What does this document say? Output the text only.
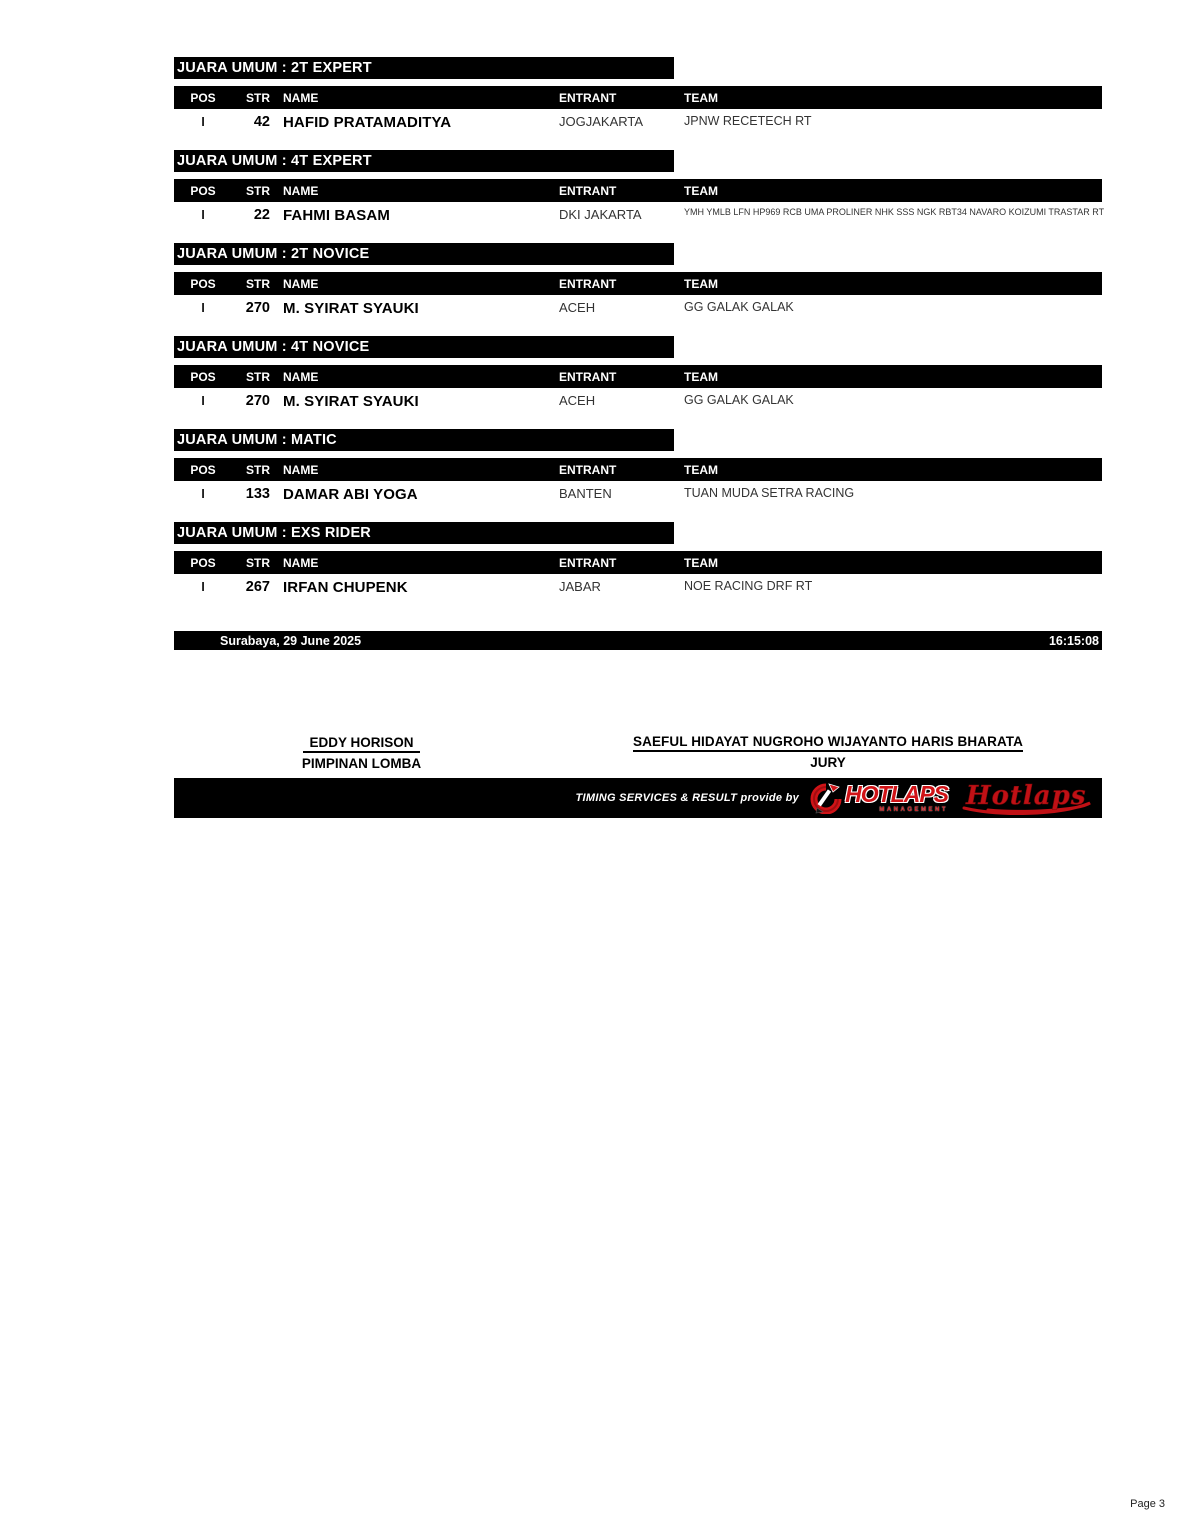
JUARA UMUM : 2T EXPERT
POS	STR	NAME	ENTRANT	TEAM
I	42 HAFID PRATAMADITYA	JOGJAKARTA	JPNW RECETECH RT
JUARA UMUM : 4T EXPERT
POS	STR	NAME	ENTRANT	TEAM
I	22 FAHMI BASAM	DKI JAKARTA	YMH YMLB LFN HP969 RCB UMA PROLINER NHK SSS NGK RBT34 NAVARO KOIZUMI TRASTAR RT
JUARA UMUM : 2T NOVICE
POS	STR	NAME	ENTRANT	TEAM
I	270 M. SYIRAT SYAUKI	ACEH	GG GALAK GALAK
JUARA UMUM : 4T NOVICE
POS	STR	NAME	ENTRANT	TEAM
I	270 M. SYIRAT SYAUKI	ACEH	GG GALAK GALAK
JUARA UMUM : MATIC
POS	STR	NAME	ENTRANT	TEAM
I	133 DAMAR ABI YOGA	BANTEN	TUAN MUDA SETRA RACING
JUARA UMUM : EXS RIDER
POS	STR	NAME	ENTRANT	TEAM
I	267 IRFAN CHUPENK	JABAR	NOE RACING DRF RT
Surabaya, 29 June 2025	16:15:08
EDDY HORISON
PIMPINAN LOMBA
SAEFUL HIDAYAT NUGROHO WIJAYANTO HARIS BHARATA
JURY
TIMING SERVICES & RESULT provide by HOTLAPS
MANAGEMENT Hotlaps
Page 3
